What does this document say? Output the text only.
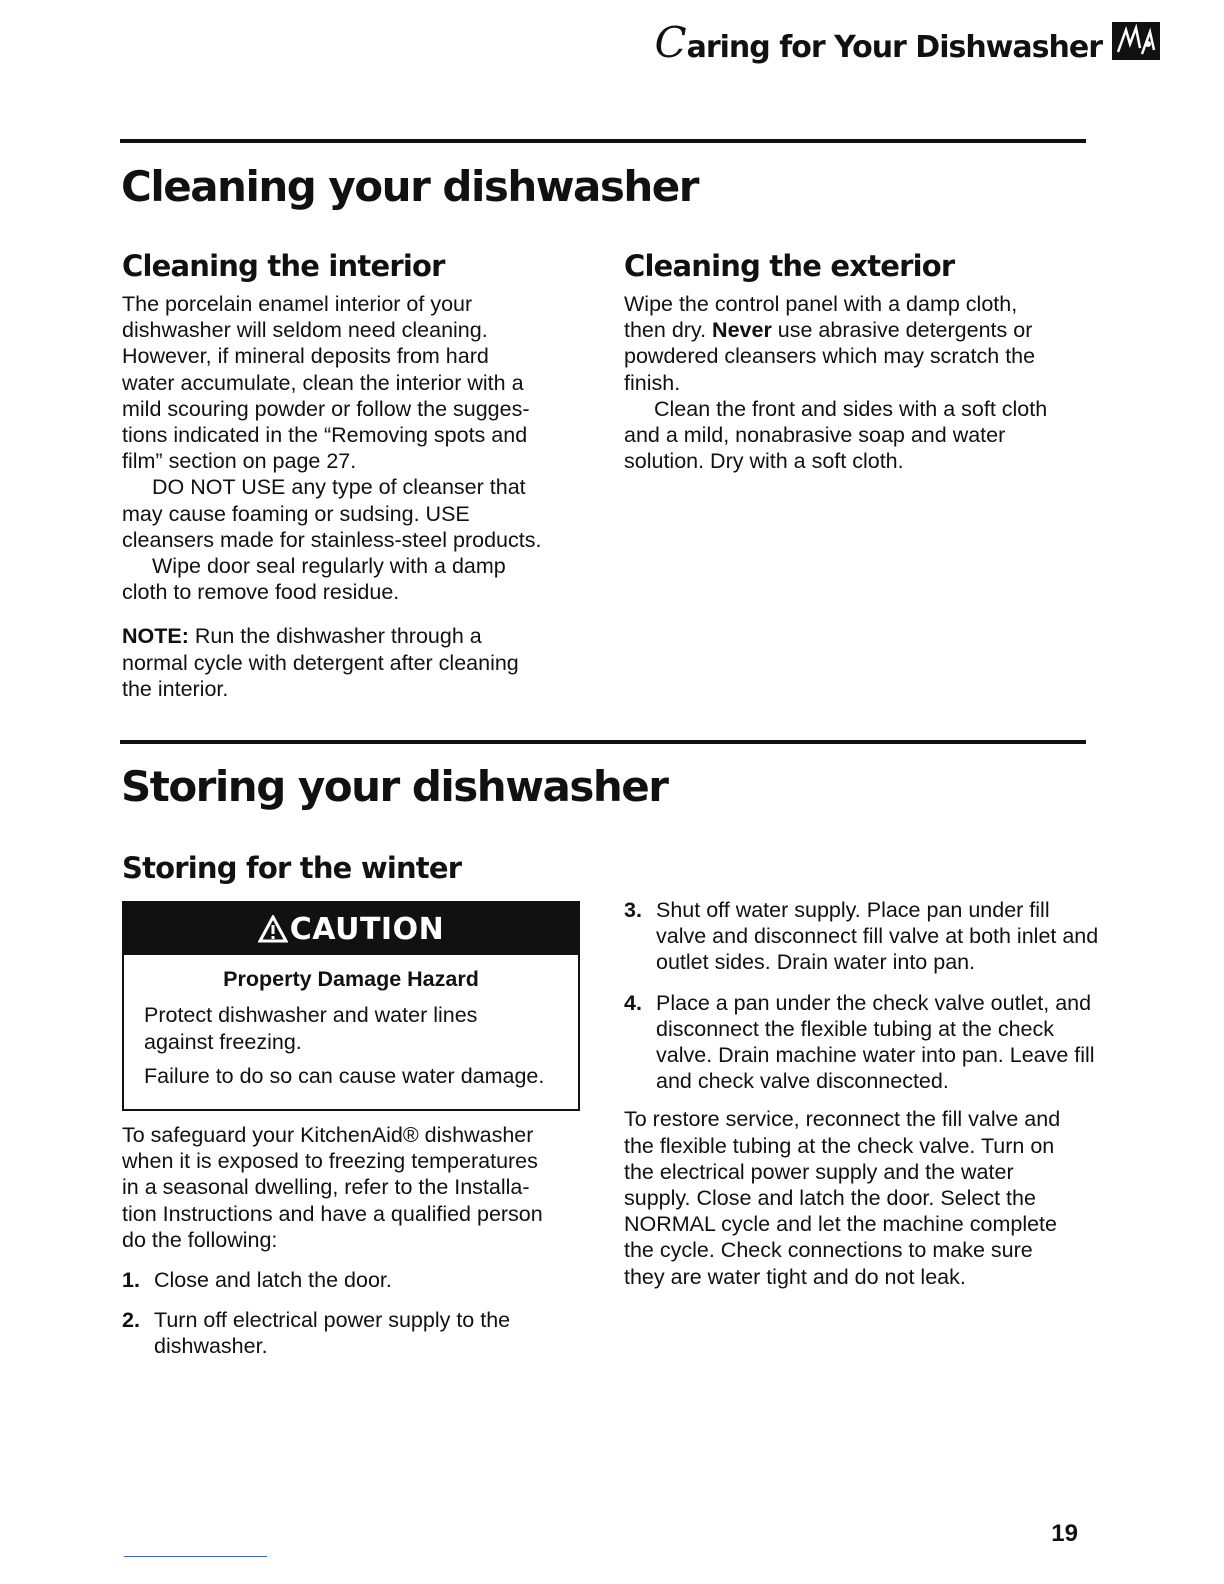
Caring for Your Dishwasher
Cleaning your dishwasher
Cleaning the interior

The porcelain enamel interior of your
dishwasher will seldom need cleaning.
However, if mineral deposits from hard
water accumulate, clean the interior with a
mild scouring powder or follow the sugges-
tions indicated in the “Removing spots and
film” section on page 27.

DO NOT USE any type of cleanser that
may cause foaming or sudsing. USE
cleansers made for stainless-steel products.

Wipe door seal regularly with a damp
cloth to remove food residue.

NOTE: Run the dishwasher through a
normal cycle with detergent after cleaning
the interior.

Cleaning the exterior

Wipe the control panel with a damp cloth,
then dry. Never use abrasive detergents or
powdered cleansers which may scratch the
finish.

Clean the front and sides with a soft cloth
and a mild, nonabrasive soap and water
solution. Dry with a soft cloth.

Storing your dishwasher
Storing for the winter
CAUTION
Property Damage Hazard

Protect dishwasher and water lines
against freezing.

Failure to do so can cause water damage.

To safeguard your KitchenAid® dishwasher
when it is exposed to freezing temperatures
in a seasonal dwelling, refer to the Installa-
tion Instructions and have a qualified person
do the following:

1. Close and latch the door.
2. Turn off electrical power supply to the dishwasher.
3. Shut off water supply. Place pan under fill valve and disconnect fill valve at both inlet and outlet sides. Drain water into pan.
4. Place a pan under the check valve outlet, and disconnect the flexible tubing at the check valve. Drain machine water into pan. Leave fill and check valve disconnected.

To restore service, reconnect the fill valve and
the flexible tubing at the check valve. Turn on
the electrical power supply and the water
supply. Close and latch the door. Select the
NORMAL cycle and let the machine complete
the cycle. Check connections to make sure
they are water tight and do not leak.

19
